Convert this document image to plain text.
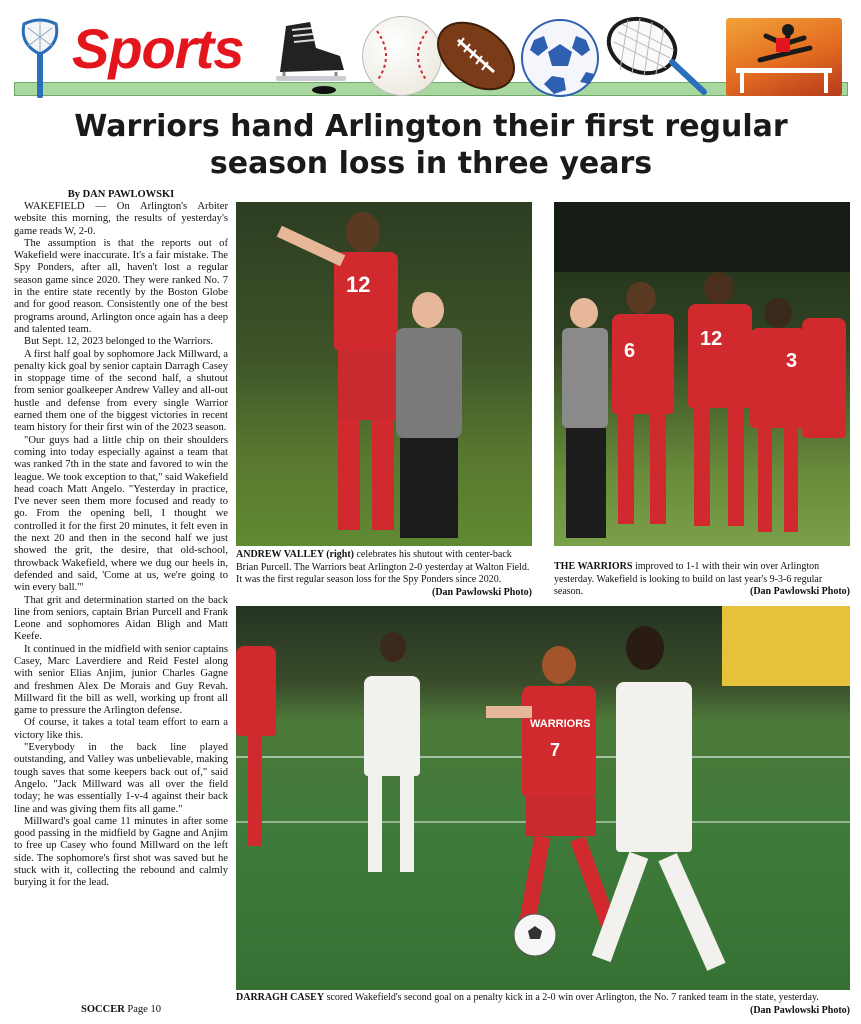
Sports
Warriors hand Arlington their first regular season loss in three years
By DAN PAWLOWSKI

WAKEFIELD — On Arlington's Arbiter website this morning, the results of yesterday's game reads W, 2-0.

The assumption is that the reports out of Wakefield were inaccurate. It's a fair mistake. The Spy Ponders, after all, haven't lost a regular season game since 2020. They were ranked No. 7 in the entire state recently by the Boston Globe and for good reason. Consistently one of the best programs around, Arlington once again has a deep and talented team.

But Sept. 12, 2023 belonged to the Warriors.

A first half goal by sophomore Jack Millward, a penalty kick goal by senior captain Darragh Casey in stoppage time of the second half, a shutout from senior goalkeeper Andrew Valley and all-out hustle and defense from every single Warrior earned them one of the biggest victories in recent team history for their first win of the 2023 season.

"Our guys had a little chip on their shoulders coming into today especially against a team that was ranked 7th in the state and favored to win the league. We took exception to that," said Wakefield head coach Matt Angelo. "Yesterday in practice, I've never seen them more focused and ready to go. From the opening bell, I thought we controlled it for the first 20 minutes, it felt even in the next 20 and then in the second half we just showed the grit, the desire, that old-school, throwback Wakefield, where we dug our heels in, defended and said, 'Come at us, we're going to win every ball.'"

That grit and determination started on the back line from seniors, captain Brian Purcell and Frank Leone and sophomores Aidan Bligh and Matt Keefe.

It continued in the midfield with senior captains Casey, Marc Laverdiere and Reid Festel along with senior Elias Anjim, junior Charles Gagne and freshmen Alex De Morais and Guy Revah. Millward fit the bill as well, working up front all game to pressure the Arlington defense.

Of course, it takes a total team effort to earn a victory like this.

"Everybody in the back line played outstanding, and Valley was unbelievable, making tough saves that some keepers back out of," said Angelo. "Jack Millward was all over the field today; he was essentially 1-v-4 against their back line and was giving them fits all game."

Millward's goal came 11 minutes in after some good passing in the midfield by Gagne and Anjim to free up Casey who found Millward on the left side. The sophomore's first shot was saved but he stuck with it, collecting the rebound and calmly burying it for the lead.

SOCCER Page 10
12
ANDREW VALLEY (right) celebrates his shutout with center-back Brian Purcell. The Warriors beat Arlington 2-0 yesterday at Walton Field. It was the first regular season loss for the Spy Ponders since 2020.
(Dan Pawlowski Photo)
6
12
3
THE WARRIORS improved to 1-1 with their win over Arlington yesterday. Wakefield is looking to build on last year's 9-3-6 regular season.	(Dan Pawlowski Photo)
WARRIORS
7
DARRAGH CASEY scored Wakefield's second goal on a penalty kick in a 2-0 win over Arlington, the No. 7 ranked team in the state, yesterday.
(Dan Pawlowski Photo)
